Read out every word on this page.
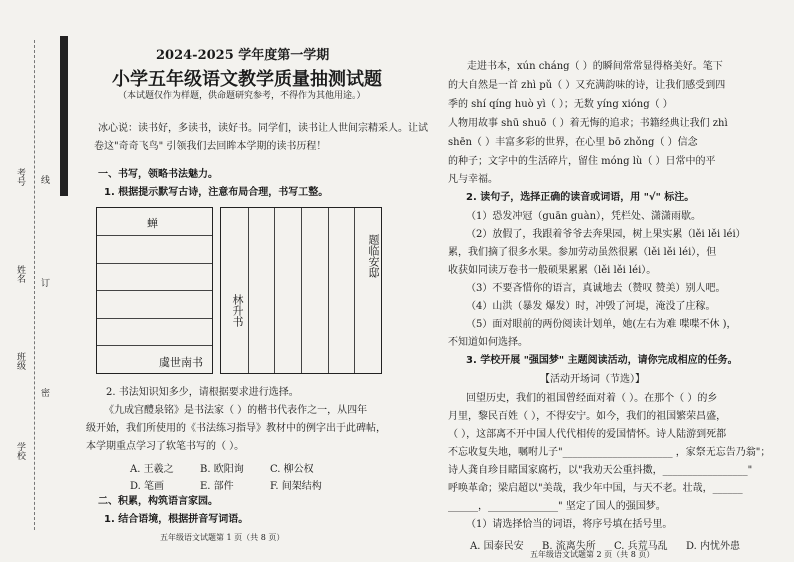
考号 线
姓名 订
班级
密
学校
2024-2025 学年度第一学期
小学五年级语文教学质量抽测试题
（本试题仅作为样题，供命题研究参考，不得作为其他用途。）
冰心说：读书好，多读书，读好书。同学们，读书让人世间宗精采人。让试
卷这"奇奇飞鸟" 引领我们去回眸本学期的读书历程！
一、书写，领略书法魅力。
1. 根据提示默写古诗，注意布局合理，书写工整。
蝉
虞世南书
题临安邸
林升书
2. 书法知识知多少，请根据要求进行选择。
《九成宫醴泉铭》是书法家（ ）的楷书代表作之一，从四年
级开始，我们所使用的《书法练习指导》教材中的例字出于此碑帖，
本学期重点学习了软笔书写的（ ）。
A. 王羲之	B. 欧阳询	C. 柳公权
D. 笔画	E. 部件	F. 间架结构
二、积累，构筑语言家园。
1. 结合语境，根据拼音写词语。
五年级语文试题第 1 页（共 8 页）
走进书本，xún cháng（ ）的瞬间常常显得格美好。笔下
的大自然是一首 zhì pǔ（ ）又充满韵味的诗，让我们感受到四
季的 shí qíng huò yì（ ）；无数 yíng xióng（ ）
人物用故事 shū shuō（ ）着无悔的追求；书籍经典让我们 zhì
shēn（ ）丰富多彩的世界，在心里 bō zhǒng（ ）信念
的种子；文字中的生活碎片，留住 móng lù（ ）日常中的平
凡与幸福。
2. 读句子，选择正确的读音或词语，用 "√" 标注。
（1）恐发冲冠（guān guàn），凭栏处、潇潇雨歇。
（2）放假了，我跟着爷爷去奔果园，树上果实累（lěi lěi léi）
累，我们摘了很多水果。参加劳动虽然很累（lěi lěi léi），但
收获如同读万卷书一般硕果累累（lěi lěi léi）。
（3）不要吝惜你的语言，真诚地去（赞叹 赞美）别人吧。
（4）山洪（暴发 爆发）时，冲毁了河堤，淹没了庄稼。
（5）面对眼前的两份阅读计划单，她(左右为难 喋喋不休 )，
不知道如何选择。
3. 学校开展 "强国梦" 主题阅读活动，请你完成相应的任务。
【活动开场词（节选）】
回望历史，我们的祖国曾经面对着（ ）。在那个（ ）的乡
月里，黎民百姓（ ），不得安宁。如今，我们的祖国繁荣昌盛，
（ ），这部离不开中国人代代相传的爱国情怀。诗人陆游到死都
不忘收复失地，嘱咐儿子"______________________ ，家祭无忘告乃翁"；
诗人龚自珍目睹国家腐朽，以"我劝天公重抖擞，_________________"
呼唤革命；梁启超以"美哉，我少年中国，与天不老。壮哉，______
______，______________" 坚定了国人的强国梦。
（1）请选择恰当的词语，将序号填在括号里。
A. 国泰民安 B. 流离失所 C. 兵荒马乱 D. 内忧外患
五年级语文试题第 2 页（共 8 页）
